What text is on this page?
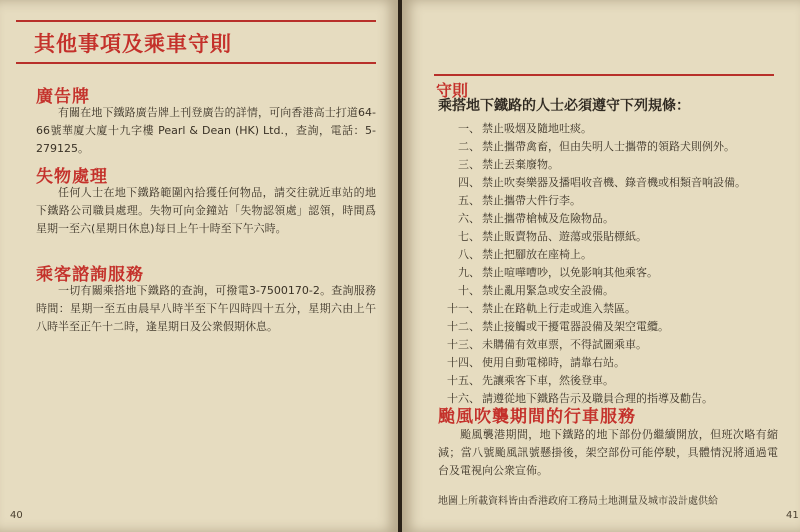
其他事項及乘車守則
廣告牌

有關在地下鐵路廣告牌上刊登廣告的詳情，可向香港高士打道64-66號華廈大廈十九字樓 Pearl & Dean (HK) Ltd.，查詢，電話：5-279125。

失物處理

任何人士在地下鐵路範圍內拾獲任何物品，請交往就近車站的地下鐵路公司職員處理。失物可向金鐘站「失物認領處」認領，時間爲星期一至六(星期日休息)每日上午十時至下午六時。

乘客諮詢服務

一切有關乘搭地下鐵路的查詢，可撥電3-7500170-2。查詢服務時間：星期一至五由晨早八時半至下午四時四十五分，星期六由上午八時半至正午十二時，逢星期日及公衆假期休息。

40
守則
乘搭地下鐵路的人士必須遵守下列規條：
一、 禁止吸烟及隨地吐痰。
二、 禁止攜帶禽畜，但由失明人士攜帶的領路犬則例外。
三、 禁止丟棄廢物。
四、 禁止吹奏樂器及播唱收音機、錄音機或相類音响設備。
五、 禁止攜帶大件行李。
六、 禁止攜帶槍械及危險物品。
七、 禁止販賣物品、遊蕩或張貼標紙。
八、 禁止把腳放在座椅上。
九、 禁止喧嘩嘈吵，以免影响其他乘客。
十、 禁止亂用緊急或安全設備。
十一、 禁止在路軌上行走或進入禁區。
十二、 禁止接觸或干擾電器設備及架空電纜。
十三、 未購備有效車票，不得試圖乘車。
十四、 使用自動電梯時，請靠右站。
十五、 先讓乘客下車，然後登車。
十六、 請遵從地下鐵路告示及職員合理的指導及勸告。
颱風吹襲期間的行車服務

颱風襲港期間，地下鐵路的地下部份仍繼續開放，但班次略有縮減；當八號颱風訊號懸掛後，架空部份可能停駛，具體情況將通過電台及電視向公衆宣佈。

地圖上所載資料皆由香港政府工務局土地測量及城市設計處供給
41
